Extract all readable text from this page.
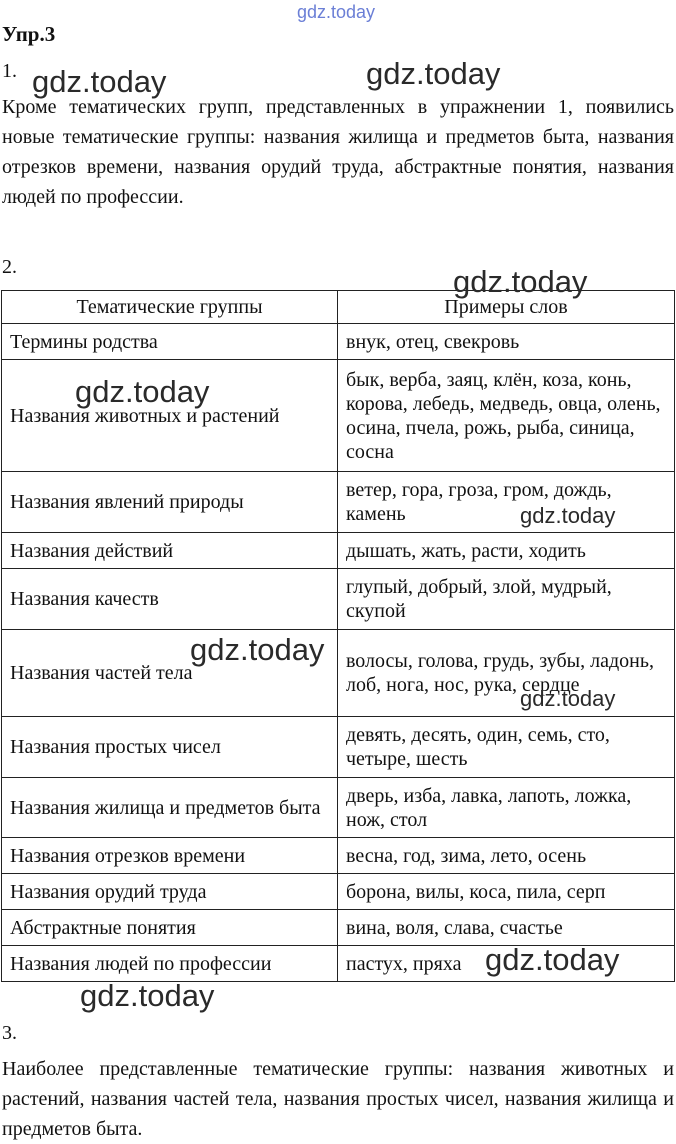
gdz.today
Упр.3
1.

Кроме тематических групп, представленных в упражнении 1, появились новые тематические группы: названия жилища и предметов быта, названия отрезков времени, названия орудий труда, абстрактные понятия, названия людей по профессии.

2.
Тематические группы	Примеры слов
Термины родства	внук, отец, свекровь
Названия животных и растений	бык, верба, заяц, клён, коза, конь, корова, лебедь, медведь, овца, олень, осина, пчела, рожь, рыба, синица, сосна
Названия явлений природы	ветер, гора, гроза, гром, дождь, камень
Названия действий	дышать, жать, расти, ходить
Названия качеств	глупый, добрый, злой, мудрый, скупой
Названия частей тела	волосы, голова, грудь, зубы, ладонь, лоб, нога, нос, рука, сердце
Названия простых чисел	девять, десять, один, семь, сто, четыре, шесть
Названия жилища и предметов быта	дверь, изба, лавка, лапоть, ложка, нож, стол
Названия отрезков времени	весна, год, зима, лето, осень
Названия орудий труда	борона, вилы, коса, пила, серп
Абстрактные понятия	вина, воля, слава, счастье
Названия людей по профессии	пастух, пряха
3.

Наиболее представленные тематические группы: названия животных и растений, названия частей тела, названия простых чисел, названия жилища и предметов быта.

gdz.today	gdz.today
gdz.today
gdz.today
gdz.today
gdz.today
gdz.today
gdz.today
gdz.today
